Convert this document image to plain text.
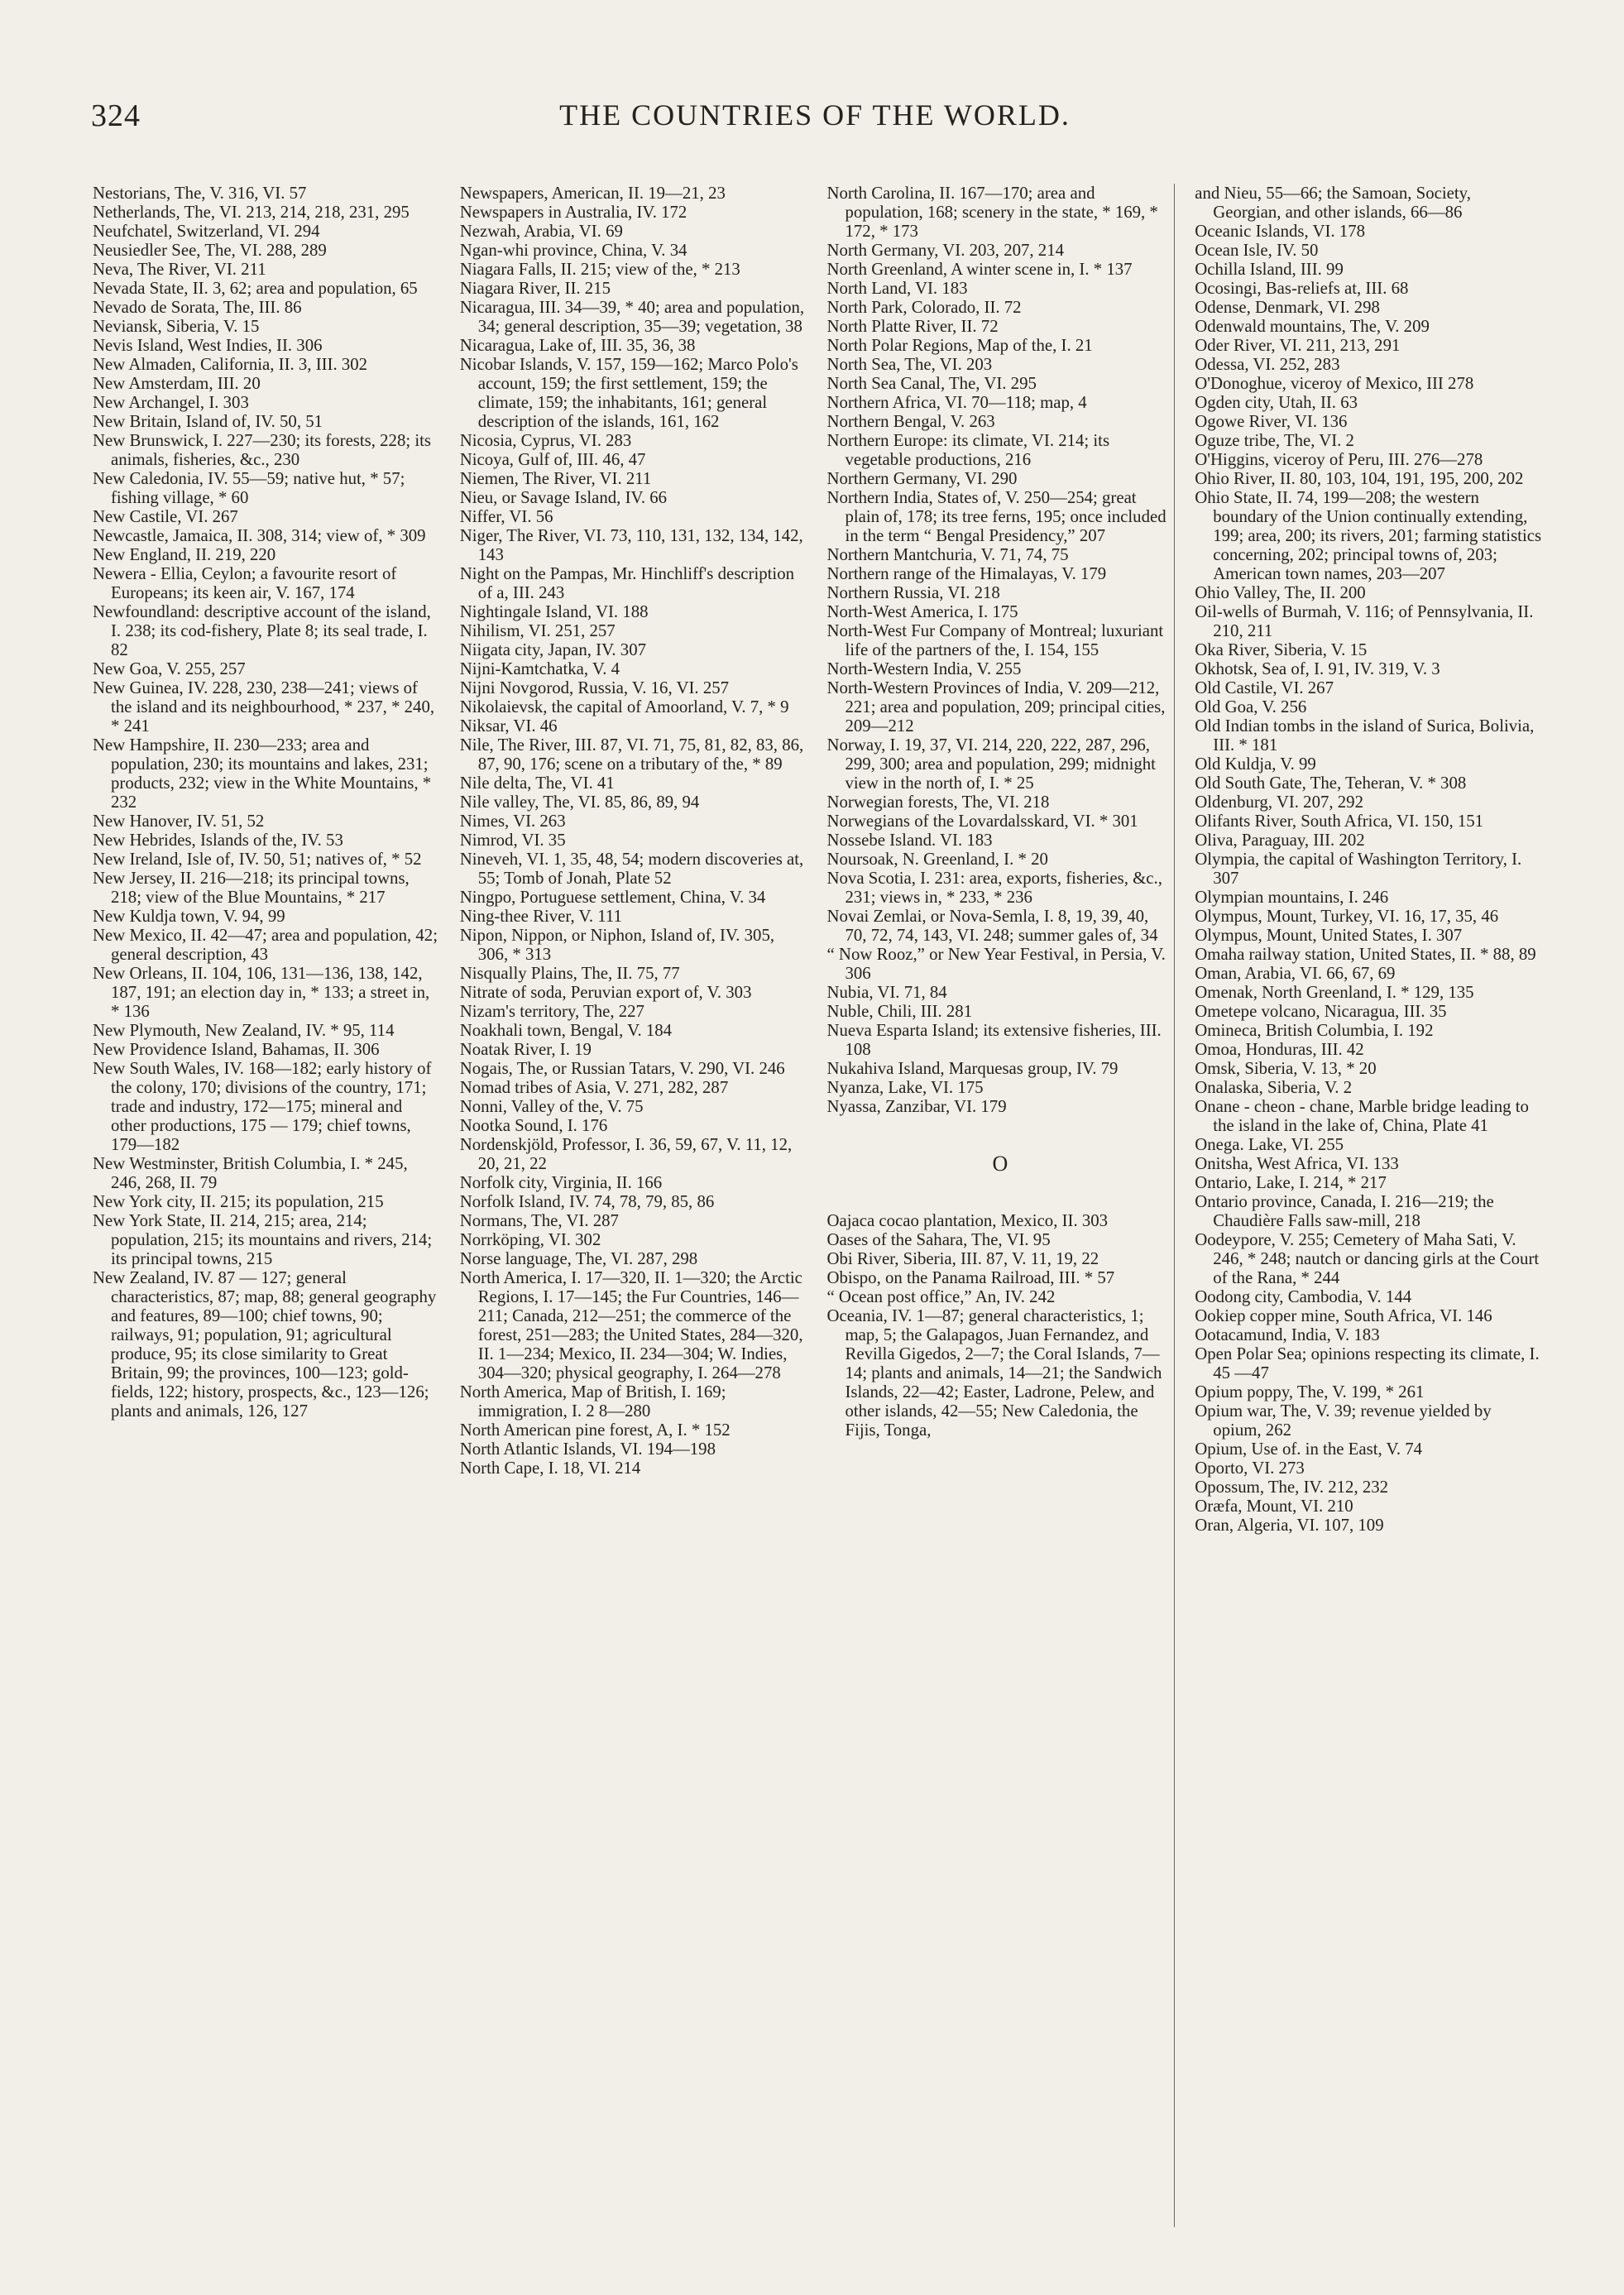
324	THE COUNTRIES OF THE WORLD.
Nestorians, The, V. 316, VI. 57
Netherlands, The, VI. 213, 214, 218, 231, 295
Neufchatel, Switzerland, VI. 294
Neusiedler See, The, VI. 288, 289
Neva, The River, VI. 211
Nevada State, II. 3, 62; area and population, 65
Nevado de Sorata, The, III. 86
Neviansk, Siberia, V. 15
Nevis Island, West Indies, II. 306
New Almaden, California, II. 3, III. 302
New Amsterdam, III. 20
New Archangel, I. 303
New Britain, Island of, IV. 50, 51
New Brunswick, I. 227—230; its forests, 228; its animals, fisheries, &c., 230
New Caledonia, IV. 55—59; native hut, * 57; fishing village, * 60
New Castile, VI. 267
Newcastle, Jamaica, II. 308, 314; view of, * 309
New England, II. 219, 220
Newera - Ellia, Ceylon; a favourite resort of Europeans; its keen air, V. 167, 174
Newfoundland: descriptive account of the island, I. 238; its cod-fishery, Plate 8; its seal trade, I. 82
New Goa, V. 255, 257
New Guinea, IV. 228, 230, 238—241; views of the island and its neighbourhood, * 237, * 240, * 241
New Hampshire, II. 230—233; area and population, 230; its mountains and lakes, 231; products, 232; view in the White Mountains, * 232
New Hanover, IV. 51, 52
New Hebrides, Islands of the, IV. 53
New Ireland, Isle of, IV. 50, 51; natives of, * 52
New Jersey, II. 216—218; its principal towns, 218; view of the Blue Mountains, * 217
New Kuldja town, V. 94, 99
New Mexico, II. 42—47; area and population, 42; general description, 43
New Orleans, II. 104, 106, 131—136, 138, 142, 187, 191; an election day in, * 133; a street in, * 136
New Plymouth, New Zealand, IV. * 95, 114
New Providence Island, Bahamas, II. 306
New South Wales, IV. 168—182; early history of the colony, 170; divisions of the country, 171; trade and industry, 172—175; mineral and other productions, 175 — 179; chief towns, 179—182
New Westminster, British Columbia, I. * 245, 246, 268, II. 79
New York city, II. 215; its population, 215
New York State, II. 214, 215; area, 214; population, 215; its mountains and rivers, 214; its principal towns, 215
New Zealand, IV. 87 — 127; general characteristics, 87; map, 88; general geography and features, 89—100; chief towns, 90; railways, 91; population, 91; agricultural produce, 95; its close similarity to Great Britain, 99; the provinces, 100—123; gold-fields, 122; history, prospects, &c., 123—126; plants and animals, 126, 127
Newspapers, American, II. 19—21, 23
Newspapers in Australia, IV. 172
Nezwah, Arabia, VI. 69
Ngan-whi province, China, V. 34
Niagara Falls, II. 215; view of the, * 213
Niagara River, II. 215
Nicaragua, III. 34—39, * 40; area and population, 34; general description, 35—39; vegetation, 38
Nicaragua, Lake of, III. 35, 36, 38
Nicobar Islands, V. 157, 159—162; Marco Polo's account, 159; the first settlement, 159; the climate, 159; the inhabitants, 161; general description of the islands, 161, 162
Nicosia, Cyprus, VI. 283
Nicoya, Gulf of, III. 46, 47
Niemen, The River, VI. 211
Nieu, or Savage Island, IV. 66
Niffer, VI. 56
Niger, The River, VI. 73, 110, 131, 132, 134, 142, 143
Night on the Pampas, Mr. Hinchliff's description of a, III. 243
Nightingale Island, VI. 188
Nihilism, VI. 251, 257
Niigata city, Japan, IV. 307
Nijni-Kamtchatka, V. 4
Nijni Novgorod, Russia, V. 16, VI. 257
Nikolaievsk, the capital of Amoorland, V. 7, * 9
Niksar, VI. 46
Nile, The River, III. 87, VI. 71, 75, 81, 82, 83, 86, 87, 90, 176; scene on a tributary of the, * 89
Nile delta, The, VI. 41
Nile valley, The, VI. 85, 86, 89, 94
Nimes, VI. 263
Nimrod, VI. 35
Nineveh, VI. 1, 35, 48, 54; modern discoveries at, 55; Tomb of Jonah, Plate 52
Ningpo, Portuguese settlement, China, V. 34
Ning-thee River, V. 111
Nipon, Nippon, or Niphon, Island of, IV. 305, 306, * 313
Nisqually Plains, The, II. 75, 77
Nitrate of soda, Peruvian export of, V. 303
Nizam's territory, The, 227
Noakhali town, Bengal, V. 184
Noatak River, I. 19
Nogais, The, or Russian Tatars, V. 290, VI. 246
Nomad tribes of Asia, V. 271, 282, 287
Nonni, Valley of the, V. 75
Nootka Sound, I. 176
Nordenskjöld, Professor, I. 36, 59, 67, V. 11, 12, 20, 21, 22
Norfolk city, Virginia, II. 166
Norfolk Island, IV. 74, 78, 79, 85, 86
Normans, The, VI. 287
Norrköping, VI. 302
Norse language, The, VI. 287, 298
North America, I. 17—320, II. 1—320; the Arctic Regions, I. 17—145; the Fur Countries, 146—211; Canada, 212—251; the commerce of the forest, 251—283; the United States, 284—320, II. 1—234; Mexico, II. 234—304; W. Indies, 304—320; physical geography, I. 264—278
North America, Map of British, I. 169; immigration, I. 2 8—280
North American pine forest, A, I. * 152
North Atlantic Islands, VI. 194—198
North Cape, I. 18, VI. 214
North Carolina, II. 167—170; area and population, 168; scenery in the state, * 169, * 172, * 173
North Germany, VI. 203, 207, 214
North Greenland, A winter scene in, I. * 137
North Land, VI. 183
North Park, Colorado, II. 72
North Platte River, II. 72
North Polar Regions, Map of the, I. 21
North Sea, The, VI. 203
North Sea Canal, The, VI. 295
Northern Africa, VI. 70—118; map, 4
Northern Bengal, V. 263
Northern Europe: its climate, VI. 214; its vegetable productions, 216
Northern Germany, VI. 290
Northern India, States of, V. 250—254; great plain of, 178; its tree ferns, 195; once included in the term “ Bengal Presidency,” 207
Northern Mantchuria, V. 71, 74, 75
Northern range of the Himalayas, V. 179
Northern Russia, VI. 218
North-West America, I. 175
North-West Fur Company of Montreal; luxuriant life of the partners of the, I. 154, 155
North-Western India, V. 255
North-Western Provinces of India, V. 209—212, 221; area and population, 209; principal cities, 209—212
Norway, I. 19, 37, VI. 214, 220, 222, 287, 296, 299, 300; area and population, 299; midnight view in the north of, I. * 25
Norwegian forests, The, VI. 218
Norwegians of the Lovardalsskard, VI. * 301
Nossebe Island. VI. 183
Noursoak, N. Greenland, I. * 20
Nova Scotia, I. 231: area, exports, fisheries, &c., 231; views in, * 233, * 236
Novai Zemlai, or Nova-Semla, I. 8, 19, 39, 40, 70, 72, 74, 143, VI. 248; summer gales of, 34
“ Now Rooz,” or New Year Festival, in Persia, V. 306
Nubia, VI. 71, 84
Nuble, Chili, III. 281
Nueva Esparta Island; its extensive fisheries, III. 108
Nukahiva Island, Marquesas group, IV. 79
Nyanza, Lake, VI. 175
Nyassa, Zanzibar, VI. 179
O
Oajaca cocao plantation, Mexico, II. 303
Oases of the Sahara, The, VI. 95
Obi River, Siberia, III. 87, V. 11, 19, 22
Obispo, on the Panama Railroad, III. * 57
“ Ocean post office,” An, IV. 242
Oceania, IV. 1—87; general characteristics, 1; map, 5; the Galapagos, Juan Fernandez, and Revilla Gigedos, 2—7; the Coral Islands, 7—14; plants and animals, 14—21; the Sandwich Islands, 22—42; Easter, Ladrone, Pelew, and other islands, 42—55; New Caledonia, the Fijis, Tonga,
and Nieu, 55—66; the Samoan, Society, Georgian, and other islands, 66—86
Oceanic Islands, VI. 178
Ocean Isle, IV. 50
Ochilla Island, III. 99
Ocosingi, Bas-reliefs at, III. 68
Odense, Denmark, VI. 298
Odenwald mountains, The, V. 209
Oder River, VI. 211, 213, 291
Odessa, VI. 252, 283
O'Donoghue, viceroy of Mexico, III 278
Ogden city, Utah, II. 63
Ogowe River, VI. 136
Oguze tribe, The, VI. 2
O'Higgins, viceroy of Peru, III. 276—278
Ohio River, II. 80, 103, 104, 191, 195, 200, 202
Ohio State, II. 74, 199—208; the western boundary of the Union continually extending, 199; area, 200; its rivers, 201; farming statistics concerning, 202; principal towns of, 203; American town names, 203—207
Ohio Valley, The, II. 200
Oil-wells of Burmah, V. 116; of Pennsylvania, II. 210, 211
Oka River, Siberia, V. 15
Okhotsk, Sea of, I. 91, IV. 319, V. 3
Old Castile, VI. 267
Old Goa, V. 256
Old Indian tombs in the island of Surica, Bolivia, III. * 181
Old Kuldja, V. 99
Old South Gate, The, Teheran, V. * 308
Oldenburg, VI. 207, 292
Olifants River, South Africa, VI. 150, 151
Oliva, Paraguay, III. 202
Olympia, the capital of Washington Territory, I. 307
Olympian mountains, I. 246
Olympus, Mount, Turkey, VI. 16, 17, 35, 46
Olympus, Mount, United States, I. 307
Omaha railway station, United States, II. * 88, 89
Oman, Arabia, VI. 66, 67, 69
Omenak, North Greenland, I. * 129, 135
Ometepe volcano, Nicaragua, III. 35
Omineca, British Columbia, I. 192
Omoa, Honduras, III. 42
Omsk, Siberia, V. 13, * 20
Onalaska, Siberia, V. 2
Onane - cheon - chane, Marble bridge leading to the island in the lake of, China, Plate 41
Onega. Lake, VI. 255
Onitsha, West Africa, VI. 133
Ontario, Lake, I. 214, * 217
Ontario province, Canada, I. 216—219; the Chaudière Falls saw-mill, 218
Oodeypore, V. 255; Cemetery of Maha Sati, V. 246, * 248; nautch or dancing girls at the Court of the Rana, * 244
Oodong city, Cambodia, V. 144
Ookiep copper mine, South Africa, VI. 146
Ootacamund, India, V. 183
Open Polar Sea; opinions respecting its climate, I. 45 —47
Opium poppy, The, V. 199, * 261
Opium war, The, V. 39; revenue yielded by opium, 262
Opium, Use of. in the East, V. 74
Oporto, VI. 273
Opossum, The, IV. 212, 232
Oræfa, Mount, VI. 210
Oran, Algeria, VI. 107, 109
